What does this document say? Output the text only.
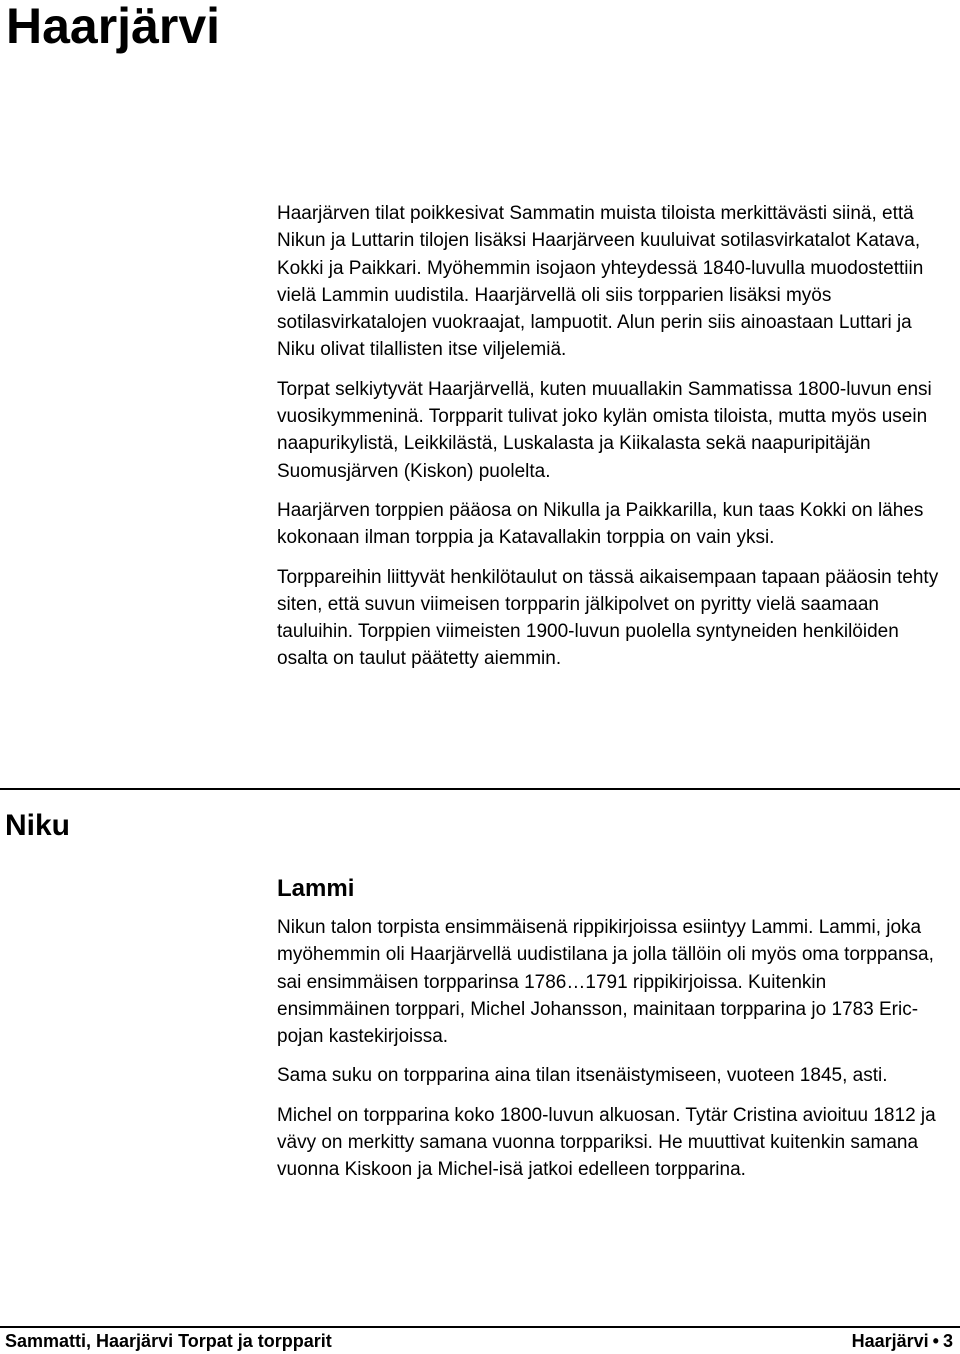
Haarjärvi

Haarjärven tilat poikkesivat Sammatin muista tiloista merkittävästi siinä, että Nikun ja Luttarin tilojen lisäksi Haarjärveen kuuluivat sotilasvirkatalot Katava, Kokki ja Paikkari. Myöhemmin isojaon yhteydessä 1840-luvulla muodostettiin vielä Lammin uudistila. Haarjärvellä oli siis torpparien lisäksi myös sotilasvirkatalojen vuokraajat, lampuotit. Alun perin siis ainoastaan Luttari ja Niku olivat tilallisten itse viljelemiä.

Torpat selkiytyvät Haarjärvellä, kuten muuallakin Sammatissa 1800-luvun ensi vuosikymmeninä. Torpparit tulivat joko kylän omista tiloista, mutta myös usein naapurikylistä, Leikkilästä, Luskalasta ja Kiikalasta sekä naapuripitäjän Suomusjärven (Kiskon) puolelta.

Haarjärven torppien pääosa on Nikulla ja Paikkarilla, kun taas Kokki on lähes kokonaan ilman torppia ja Katavallakin torppia on vain yksi.

Torppareihin liittyvät henkilötaulut on tässä aikaisempaan tapaan pääosin tehty siten, että suvun viimeisen torpparin jälkipolvet on pyritty vielä saamaan tauluihin. Torppien viimeisten 1900-luvun puolella syntyneiden henkilöiden osalta on taulut päätetty aiemmin.

Niku
Lammi

Nikun talon torpista ensimmäisenä rippikirjoissa esiintyy Lammi. Lammi, joka myöhemmin oli Haarjärvellä uudistilana ja jolla tällöin oli myös oma torppansa, sai ensimmäisen torpparinsa 1786…1791 rippikirjoissa. Kuitenkin ensimmäinen torppari, Michel Johansson, mainitaan torpparina jo 1783 Eric-pojan kastekirjoissa.

Sama suku on torpparina aina tilan itsenäistymiseen, vuoteen 1845, asti.

Michel on torpparina koko 1800-luvun alkuosan. Tytär Cristina avioituu 1812 ja vävy on merkitty samana vuonna torppariksi. He muuttivat kuitenkin samana vuonna Kiskoon ja Michel-isä jatkoi edelleen torpparina.

Sammatti, Haarjärvi Torpat ja torpparit	Haarjärvi • 3
